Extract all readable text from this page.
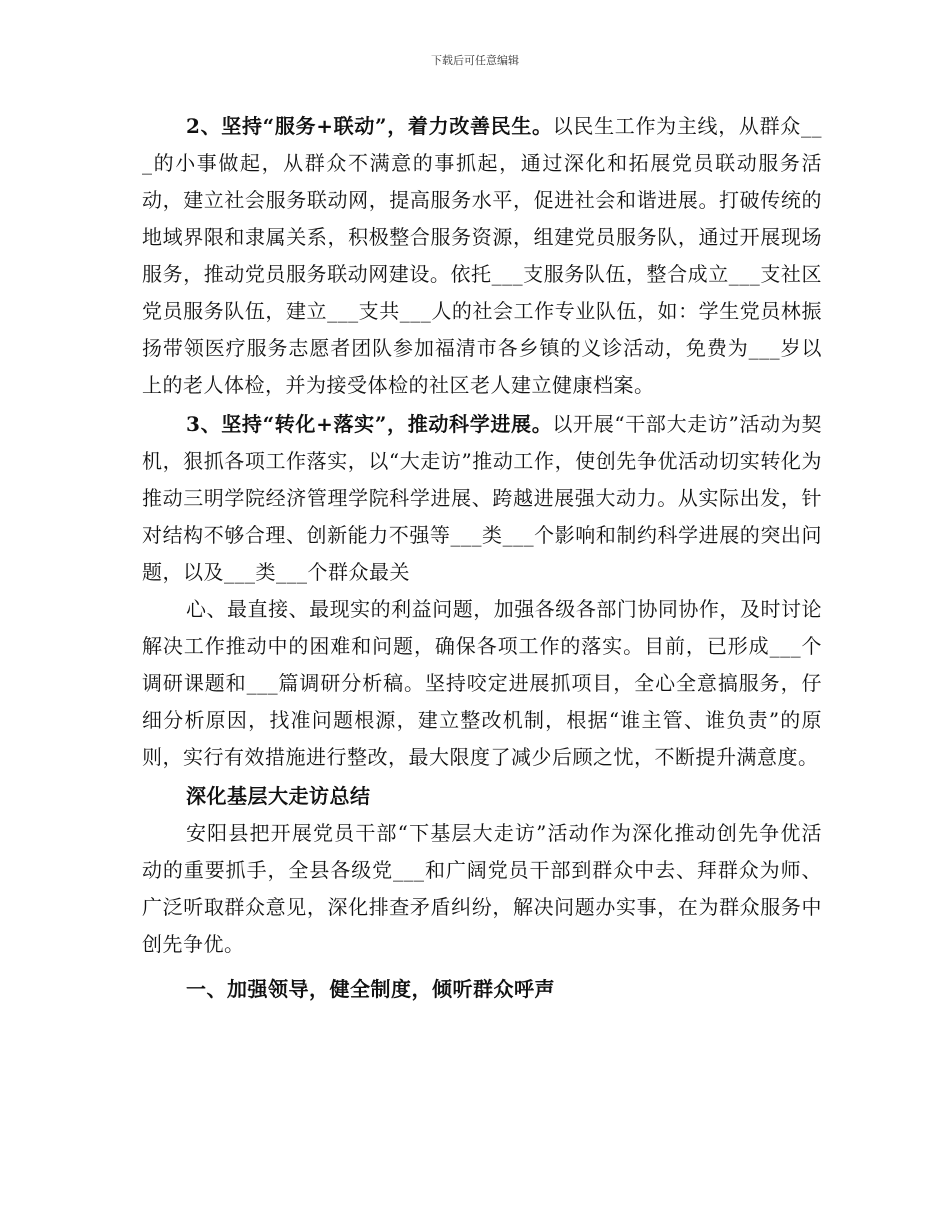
下载后可任意编辑

2、坚持“服务+联动”，着力改善民生。以民生工作为主线，从群众___的小事做起，从群众不满意的事抓起，通过深化和拓展党员联动服务活动，建立社会服务联动网，提高服务水平，促进社会和谐进展。打破传统的地域界限和隶属关系，积极整合服务资源，组建党员服务队，通过开展现场服务，推动党员服务联动网建设。依托___支服务队伍，整合成立___支社区党员服务队伍，建立___支共___人的社会工作专业队伍，如：学生党员林振扬带领医疗服务志愿者团队参加福清市各乡镇的义诊活动，免费为___岁以上的老人体检，并为接受体检的社区老人建立健康档案。

3、坚持“转化+落实”，推动科学进展。以开展“干部大走访”活动为契机，狠抓各项工作落实，以“大走访”推动工作，使创先争优活动切实转化为推动三明学院经济管理学院科学进展、跨越进展强大动力。从实际出发，针对结构不够合理、创新能力不强等___类___个影响和制约科学进展的突出问题，以及___类___个群众最关

心、最直接、最现实的利益问题，加强各级各部门协同协作，及时讨论解决工作推动中的困难和问题，确保各项工作的落实。目前，已形成___个调研课题和___篇调研分析稿。坚持咬定进展抓项目，全心全意搞服务，仔细分析原因，找准问题根源，建立整改机制，根据“谁主管、谁负责”的原则，实行有效措施进行整改，最大限度了减少后顾之忧，不断提升满意度。

深化基层大走访总结

安阳县把开展党员干部“下基层大走访”活动作为深化推动创先争优活动的重要抓手，全县各级党___和广阔党员干部到群众中去、拜群众为师、广泛听取群众意见，深化排查矛盾纠纷，解决问题办实事，在为群众服务中创先争优。

一、加强领导，健全制度，倾听群众呼声
